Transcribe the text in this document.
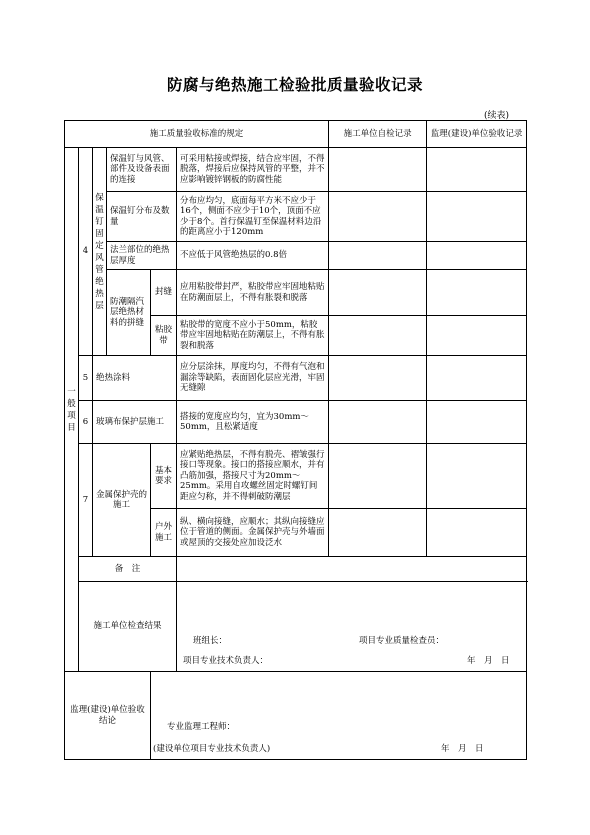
防腐与绝热施工检验批质量验收记录
(续表)
施工质量验收标准的规定						施工单位自检记录	监理(建设)单位验收记录
一般项目	4	保温钉固定风管绝热层	保温钉与风管、部件及设备表面的连接		可采用粘接或焊接，结合应牢固，不得脱落，焊接后应保持风管的平整，并不应影响镀锌钢板的防腐性能		
			保温钉分布及数量		分布应均匀，底面每平方米不应少于16个，侧面不应少于10个，顶面不应少于8个。首行保温钉至保温材料边沿的距离应小于120mm		
			法兰部位的绝热层厚度		不应低于风管绝热层的0.8倍		
			防潮隔汽层绝热材料的拼缝	封缝	应用粘胶带封严，粘胶带应牢固地粘贴在防潮面层上，不得有胀裂和脱落		
				粘胶带	粘胶带的宽度不应小于50mm，粘胶带应牢固地粘贴在防潮层上，不得有胀裂和脱落		
	5	绝热涂料			应分层涂抹，厚度均匀，不得有气泡和漏涂等缺陷，表面固化层应光滑，牢固无缝隙		
	6	玻璃布保护层施工			搭接的宽度应均匀，宜为30mm～50mm，且松紧适度		
	7	金属保护壳的施工		基本要求	应紧贴绝热层，不得有脱壳、褶皱强行接口等现象。接口的搭接应顺水，并有凸筋加强，搭接尺寸为20mm～25mm。采用自攻螺丝固定时螺钉间距应匀称，并不得刺破防潮层		
				户外施工	纵、横向接缝，应顺水；其纵向接缝应位于管道的侧面。金属保护壳与外墙面或屋顶的交接处应加设泛水		
	备　注						
	施工单位检查结果				班组长： 项目专业质量检查员：
项目专业技术负责人： 年　月　日		

监理(建设)单位验收结论				专业监理工程师：
(建设单位项目专业技术负责人) 年　月　日			
